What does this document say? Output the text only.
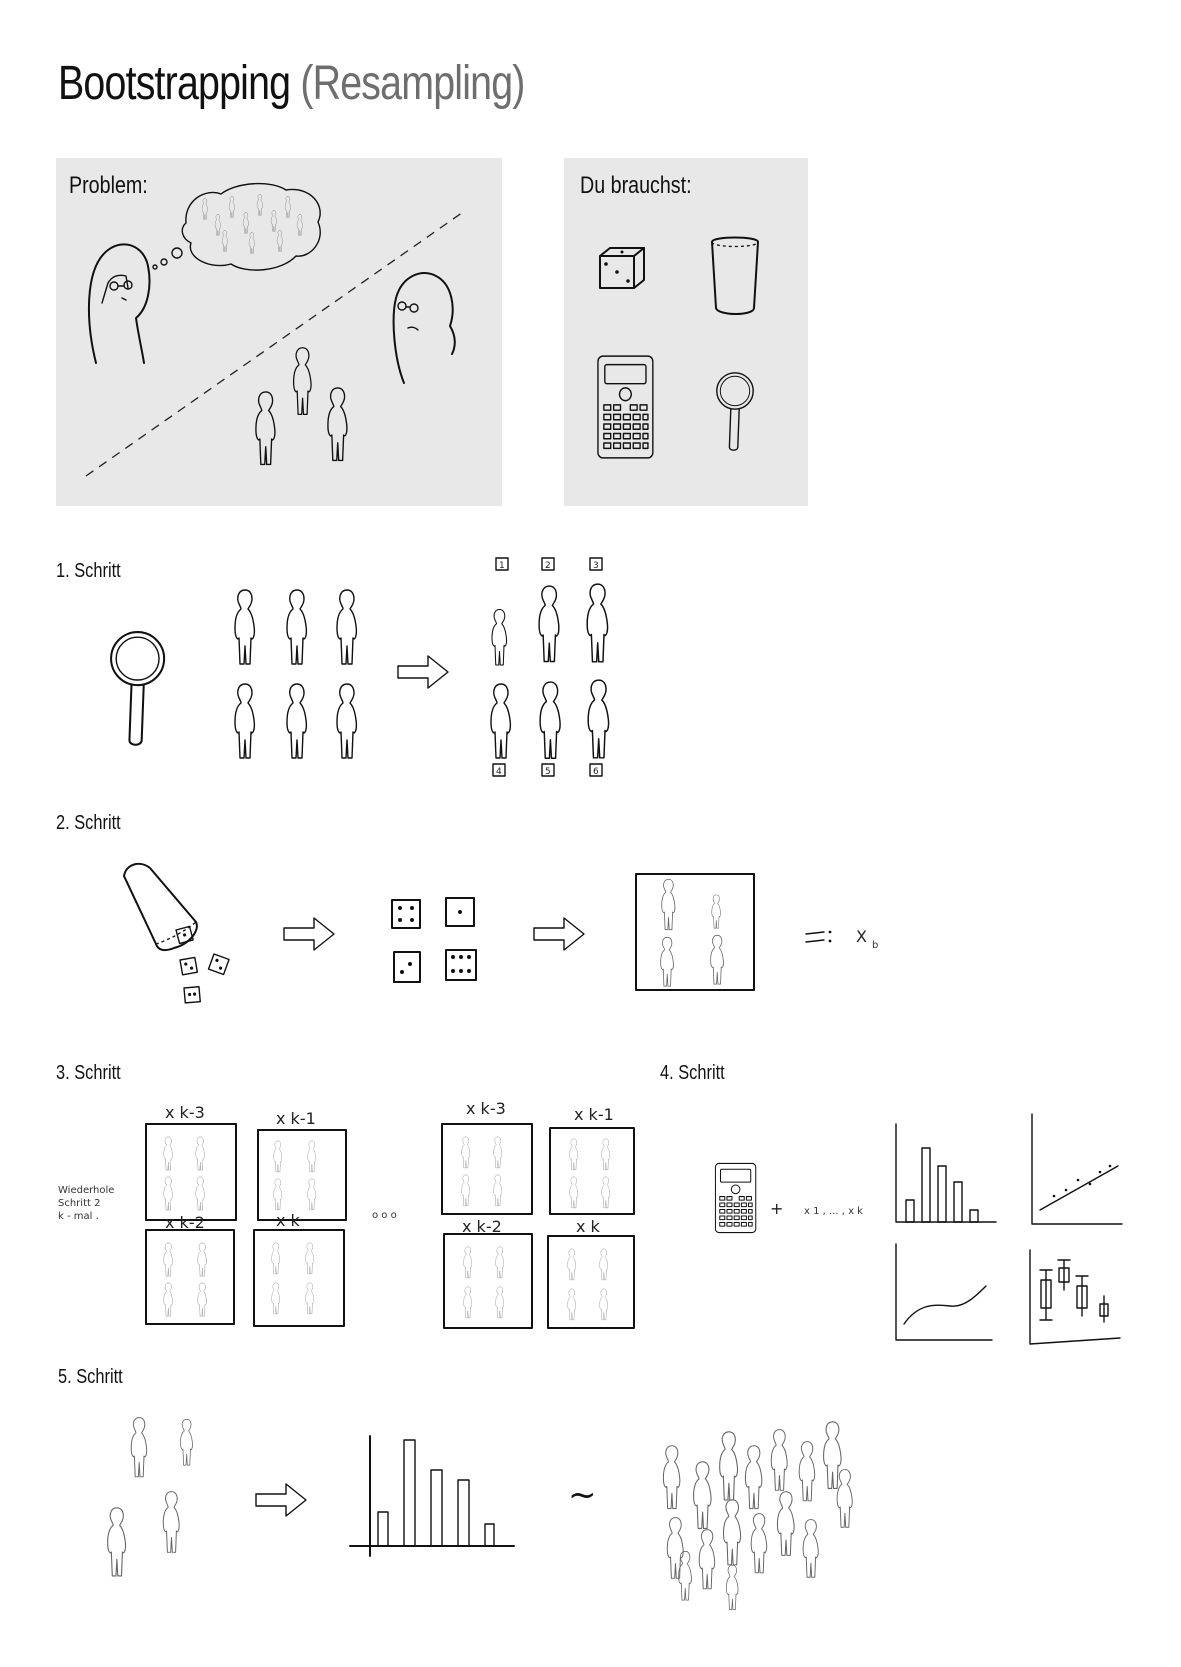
Bootstrapping (Resampling)
Problem:	Du brauchst:
1. Schritt	1	2	3
4	5	6
2. Schritt
X b
3. Schritt
Wiederhole
Schritt 2
k - mal .
x k-3	x k-1
x k-2	x k	o o o
x k-3	x k-1
x k-2	x k
4. Schritt
+ x 1 , ... , x k
5. Schritt
~
